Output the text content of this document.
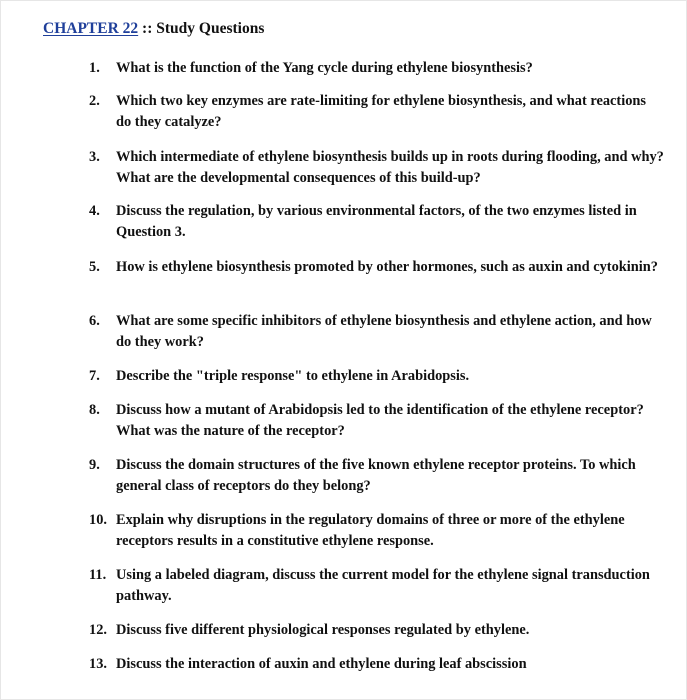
CHAPTER 22 :: Study Questions
1.	What is the function of the Yang cycle during ethylene biosynthesis?
2.	Which two key enzymes are rate-limiting for ethylene biosynthesis, and what reactions do they catalyze?
3.	Which intermediate of ethylene biosynthesis builds up in roots during flooding, and why? What are the developmental consequences of this build-up?
4.	Discuss the regulation, by various environmental factors, of the two enzymes listed in Question 3.
5.	How is ethylene biosynthesis promoted by other hormones, such as auxin and cytokinin?
6.	What are some specific inhibitors of ethylene biosynthesis and ethylene action, and how do they work?
7.	Describe the "triple response" to ethylene in Arabidopsis.
8.	Discuss how a mutant of Arabidopsis led to the identification of the ethylene receptor? What was the nature of the receptor?
9.	Discuss the domain structures of the five known ethylene receptor proteins. To which general class of receptors do they belong?
10. Explain why disruptions in the regulatory domains of three or more of the ethylene receptors results in a constitutive ethylene response.
11. Using a labeled diagram, discuss the current model for the ethylene signal transduction pathway.
12. Discuss five different physiological responses regulated by ethylene.
13. Discuss the interaction of auxin and ethylene during leaf abscission
